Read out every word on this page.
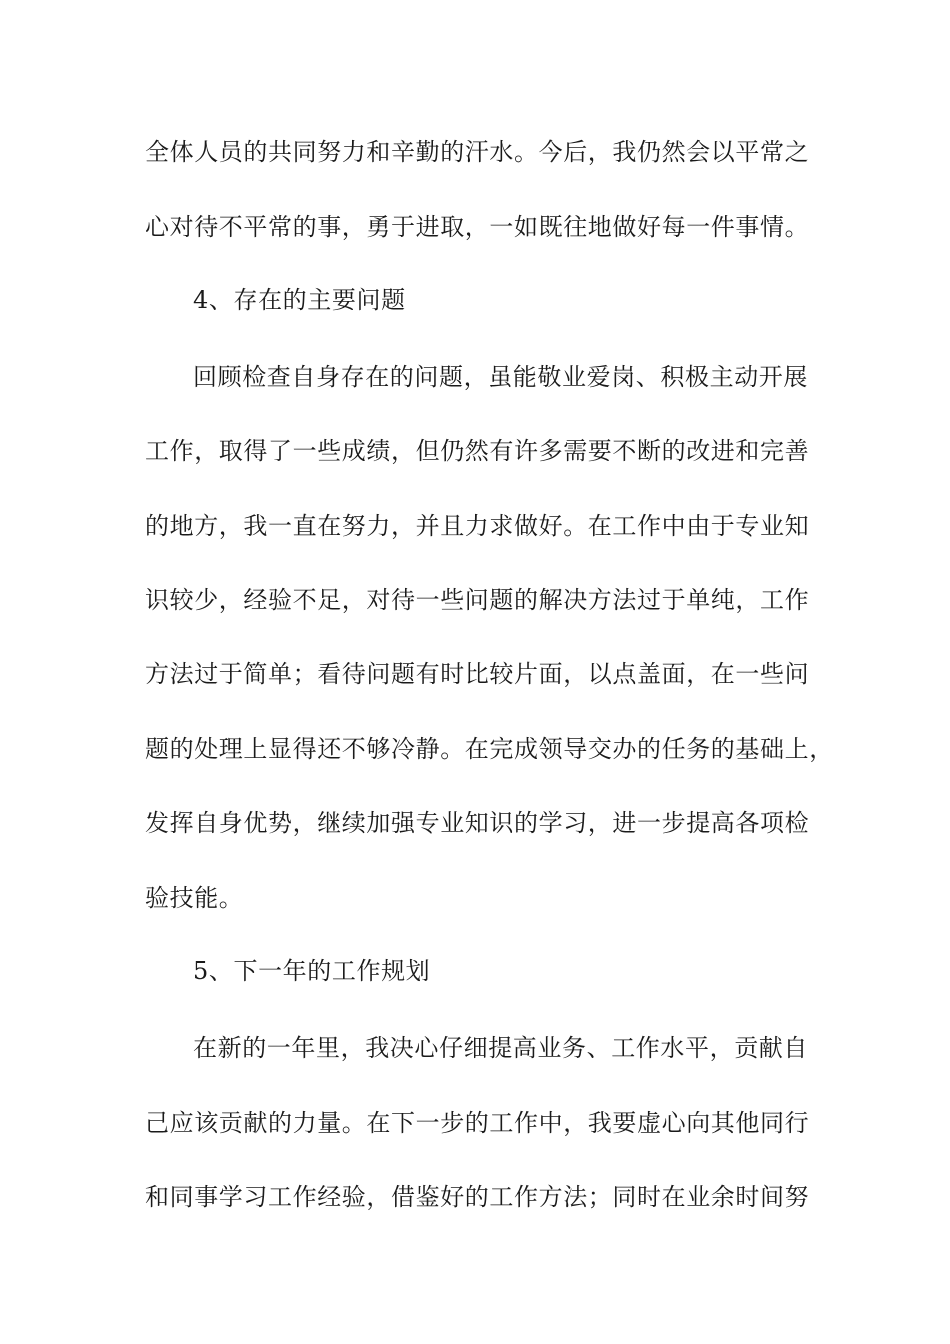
全体人员的共同努力和辛勤的汗水。今后，我仍然会以平常之
心对待不平常的事，勇于进取，一如既往地做好每一件事情。
4、存在的主要问题
回顾检查自身存在的问题，虽能敬业爱岗、积极主动开展
工作，取得了一些成绩，但仍然有许多需要不断的改进和完善
的地方，我一直在努力，并且力求做好。在工作中由于专业知
识较少，经验不足，对待一些问题的解决方法过于单纯，工作
方法过于简单；看待问题有时比较片面，以点盖面，在一些问
题的处理上显得还不够冷静。在完成领导交办的任务的基础上，
发挥自身优势，继续加强专业知识的学习，进一步提高各项检
验技能。
5、下一年的工作规划
在新的一年里，我决心仔细提高业务、工作水平，贡献自
己应该贡献的力量。在下一步的工作中，我要虚心向其他同行
和同事学习工作经验，借鉴好的工作方法；同时在业余时间努
